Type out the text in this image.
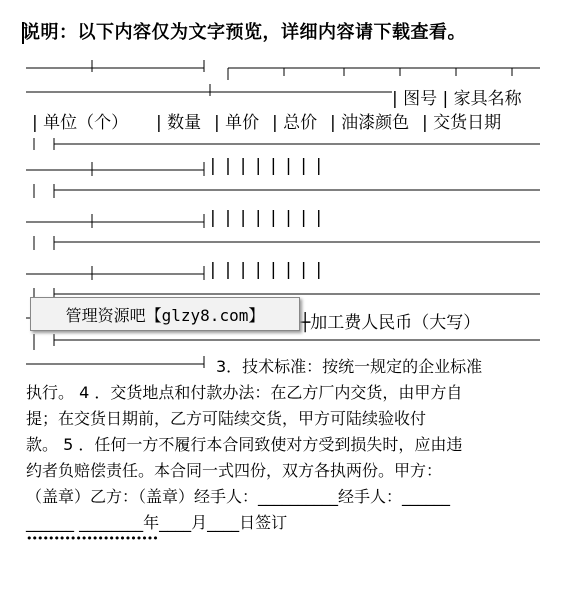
说明：以下内容仅为文字预览，详细内容请下载查看。
| 图号 | 家具名称
| 单位（个） | 数量 | 单价 | 总价 | 油漆颜色 | 交货日期
| | | | | | | |
| | | | | | | |
| | | | | | | |
┼加工费人民币（大写）
管理资源吧【glzy8.com】
3．技术标准：按统一规定的企业标准
执行。 4 ．交货地点和付款办法：在乙方厂内交货，由甲方自
提；在交货日期前，乙方可陆续交货，甲方可陆续验收付
款。 5 ．任何一方不履行本合同致使对方受到损失时，应由违
约者负赔偿责任。本合同一式四份，双方各执两份。甲方：
（盖章）乙方：（盖章）经手人：__________经手人：______
______ ________年____月____日签订
••••••••••••••••••••••••
